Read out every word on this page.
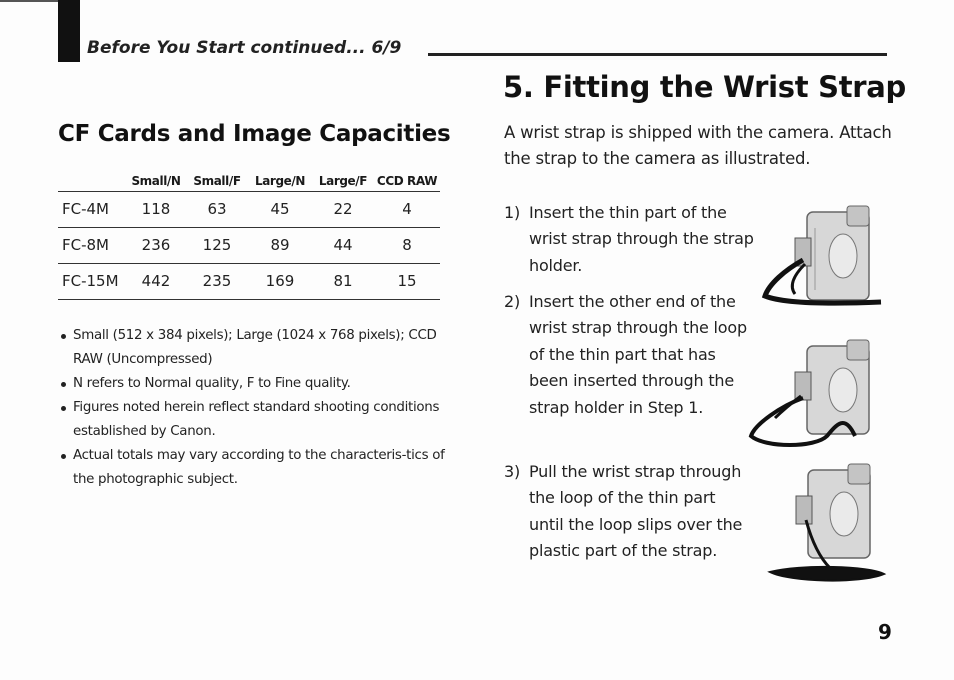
Before You Start continued... 6/9
CF Cards and Image Capacities
	Small/N	Small/F	Large/N	Large/F	CCD RAW
FC-4M	118	63	45	22	4
FC-8M	236	125	89	44	8
FC-15M	442	235	169	81	15
Small (512 x 384 pixels); Large (1024 x 768 pixels); CCD RAW (Uncompressed)
N refers to Normal quality, F to Fine quality.
Figures noted herein reflect standard shooting conditions established by Canon.
Actual totals may vary according to the characteris-tics of the photographic subject.
5. Fitting the Wrist Strap

A wrist strap is shipped with the camera. Attach the strap to the camera as illustrated.

1) Insert the thin part of the wrist strap through the strap holder.
2) Insert the other end of the wrist strap through the loop of the thin part that has been inserted through the strap holder in Step 1.
3) Pull the wrist strap through the loop of the thin part until the loop slips over the plastic part of the strap.
9
